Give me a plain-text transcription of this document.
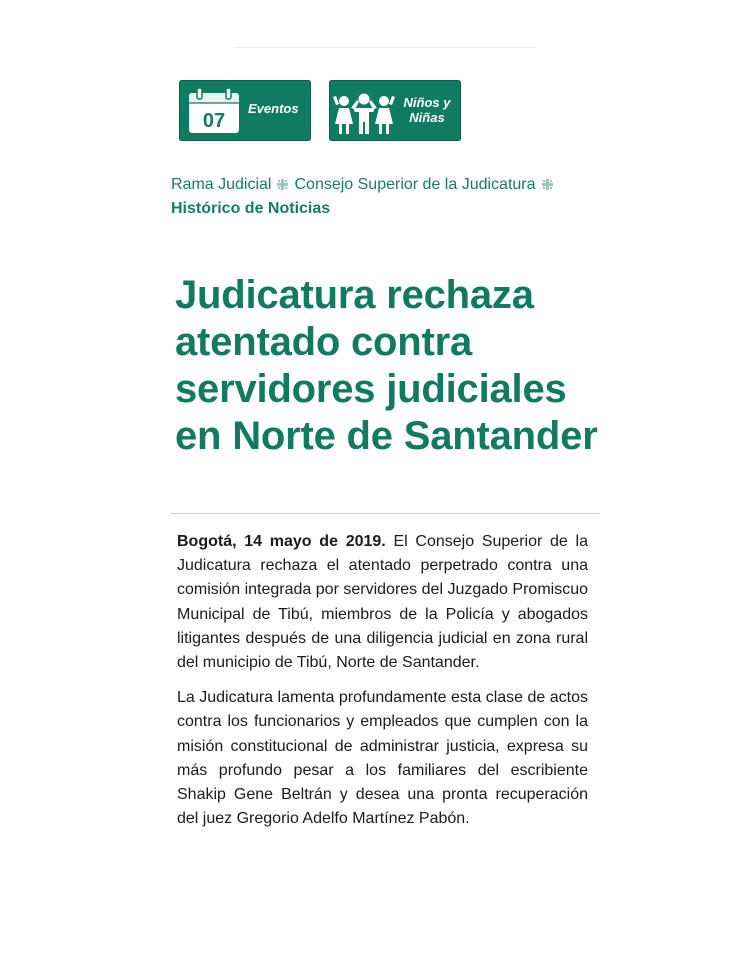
07
Eventos	Niños y
Niñas
Rama Judicial Consejo Superior de la Judicatura
Histórico de Noticias
Judicatura rechaza atentado contra servidores judiciales en Norte de Santander

Bogotá, 14 mayo de 2019. El Consejo Superior de la Judicatura rechaza el atentado perpetrado contra una comisión integrada por servidores del Juzgado Promiscuo Municipal de Tibú, miembros de la Policía y abogados litigantes después de una diligencia judicial en zona rural del municipio de Tibú, Norte de Santander.

La Judicatura lamenta profundamente esta clase de actos contra los funcionarios y empleados que cumplen con la misión constitucional de administrar justicia, expresa su más profundo pesar a los familiares del escribiente Shakip Gene Beltrán y desea una pronta recuperación del juez Gregorio Adelfo Martínez Pabón.
